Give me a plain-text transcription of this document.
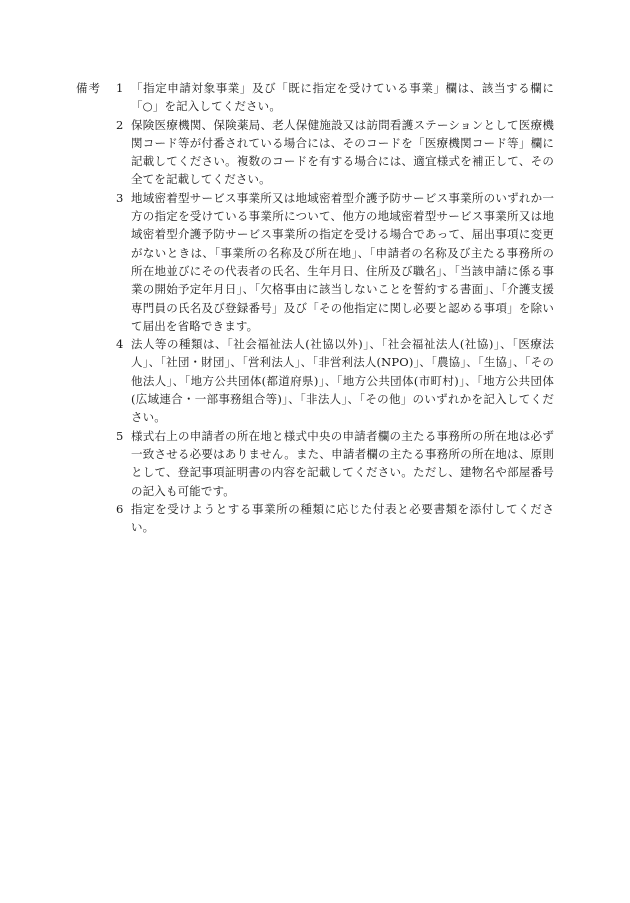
備考 1 「指定申請対象事業」及び「既に指定を受けている事業」欄は、該当する欄に「○」を記入してください。
2 保険医療機関、保険薬局、老人保健施設又は訪問看護ステーションとして医療機関コード等が付番されている場合には、そのコードを「医療機関コード等」欄に記載してください。複数のコードを有する場合には、適宜様式を補正して、その全てを記載してください。
3 地域密着型サービス事業所又は地域密着型介護予防サービス事業所のいずれか一方の指定を受けている事業所について、他方の地域密着型サービス事業所又は地域密着型介護予防サービス事業所の指定を受ける場合であって、届出事項に変更がないときは、「事業所の名称及び所在地」、「申請者の名称及び主たる事務所の所在地並びにその代表者の氏名、生年月日、住所及び職名」、「当該申請に係る事業の開始予定年月日」、「欠格事由に該当しないことを誓約する書面」、「介護支援専門員の氏名及び登録番号」及び「その他指定に関し必要と認める事項」を除いて届出を省略できます。
4 法人等の種類は、「社会福祉法人(社協以外)」、「社会福祉法人(社協)」、「医療法人」、「社団・財団」、「営利法人」、「非営利法人(NPO)」、「農協」、「生協」、「その他法人」、「地方公共団体(都道府県)」、「地方公共団体(市町村)」、「地方公共団体(広域連合・一部事務組合等)」、「非法人」、「その他」のいずれかを記入してください。
5 様式右上の申請者の所在地と様式中央の申請者欄の主たる事務所の所在地は必ず一致させる必要はありません。また、申請者欄の主たる事務所の所在地は、原則として、登記事項証明書の内容を記載してください。ただし、建物名や部屋番号の記入も可能です。
6 指定を受けようとする事業所の種類に応じた付表と必要書類を添付してください。
